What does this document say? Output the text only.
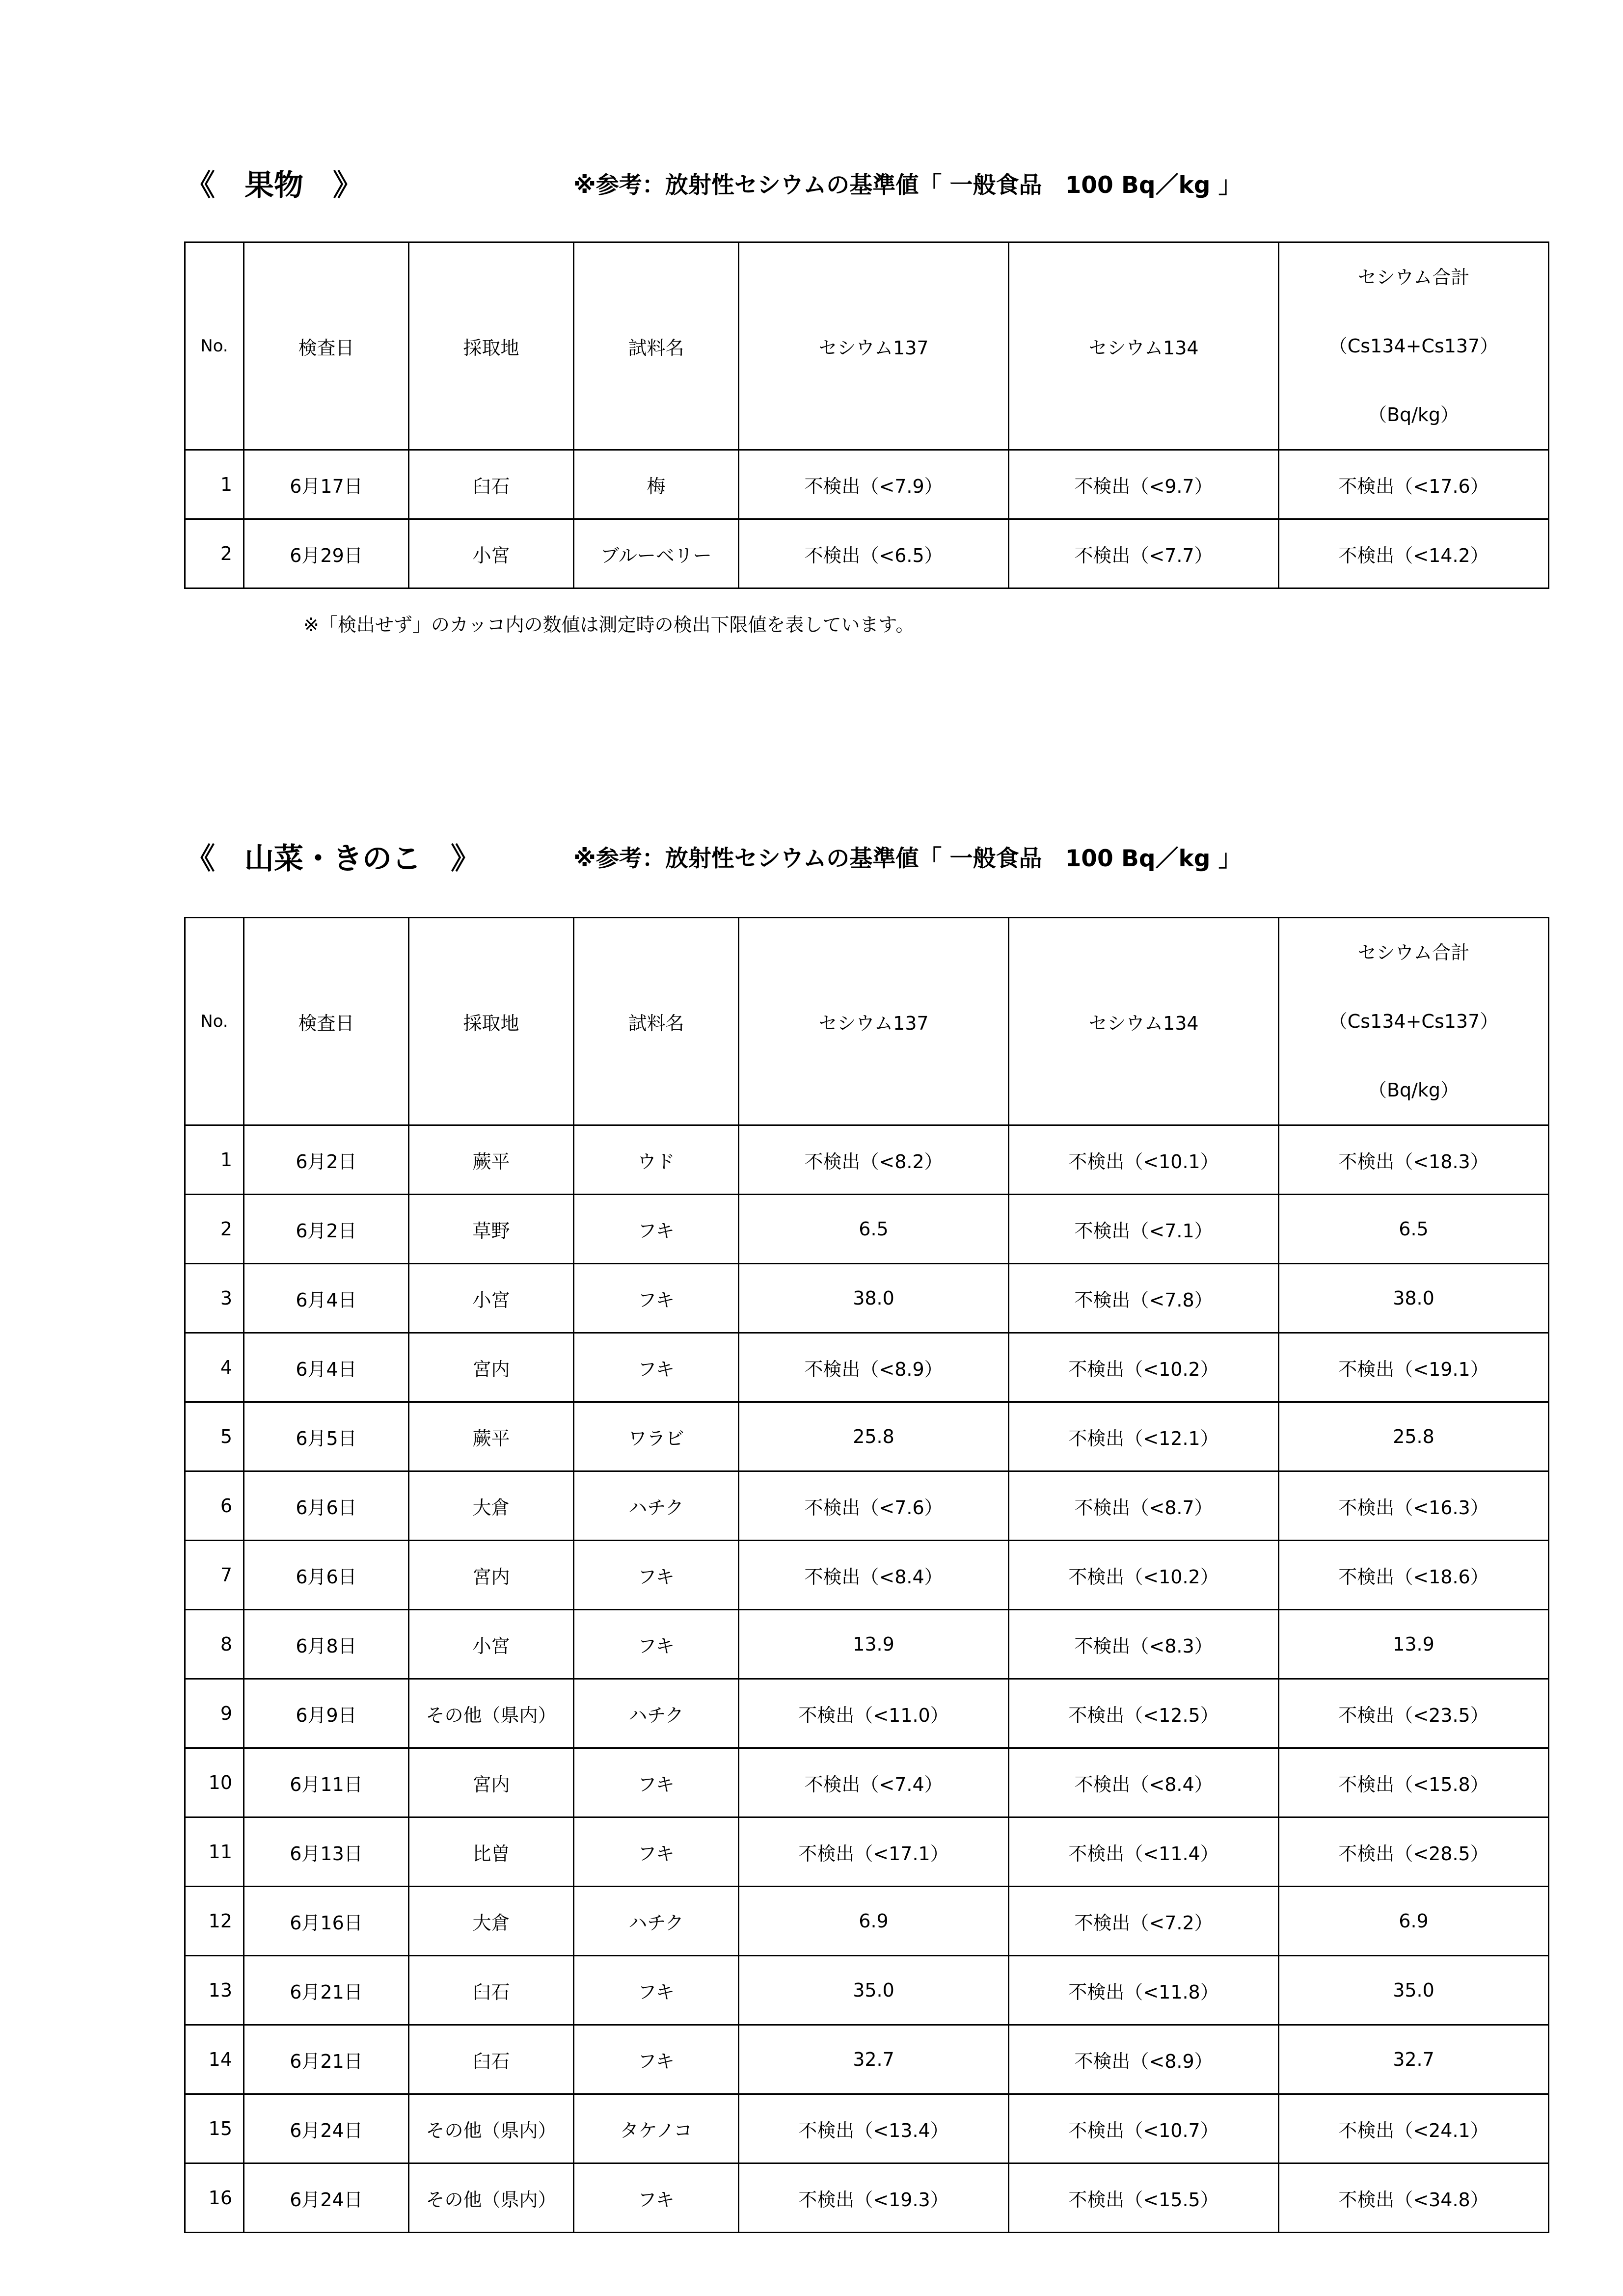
《　果物　》	※参考：放射性セシウムの基準値「 一般食品　100 Bq／kg 」
No.	検査日	採取地	試料名	セシウム137	セシウム134	セシウム合計
（Cs134+Cs137）
（Bq/kg）

1	6月17日	臼石	梅	不検出（<7.9）	不検出（<9.7）	不検出（<17.6）
2	6月29日	小宮	ブルーベリー	不検出（<6.5）	不検出（<7.7）	不検出（<14.2）
※「検出せず」のカッコ内の数値は測定時の検出下限値を表しています。
《　山菜・きのこ　》	※参考：放射性セシウムの基準値「 一般食品　100 Bq／kg 」
No.	検査日	採取地	試料名	セシウム137	セシウム134	セシウム合計
（Cs134+Cs137）
（Bq/kg）

1	6月2日	蕨平	ウド	不検出（<8.2）	不検出（<10.1）	不検出（<18.3）
2	6月2日	草野	フキ	6.5	不検出（<7.1）	6.5
3	6月4日	小宮	フキ	38.0	不検出（<7.8）	38.0
4	6月4日	宮内	フキ	不検出（<8.9）	不検出（<10.2）	不検出（<19.1）
5	6月5日	蕨平	ワラビ	25.8	不検出（<12.1）	25.8
6	6月6日	大倉	ハチク	不検出（<7.6）	不検出（<8.7）	不検出（<16.3）
7	6月6日	宮内	フキ	不検出（<8.4）	不検出（<10.2）	不検出（<18.6）
8	6月8日	小宮	フキ	13.9	不検出（<8.3）	13.9
9	6月9日	その他（県内）	ハチク	不検出（<11.0）	不検出（<12.5）	不検出（<23.5）
10	6月11日	宮内	フキ	不検出（<7.4）	不検出（<8.4）	不検出（<15.8）
11	6月13日	比曽	フキ	不検出（<17.1）	不検出（<11.4）	不検出（<28.5）
12	6月16日	大倉	ハチク	6.9	不検出（<7.2）	6.9
13	6月21日	臼石	フキ	35.0	不検出（<11.8）	35.0
14	6月21日	臼石	フキ	32.7	不検出（<8.9）	32.7
15	6月24日	その他（県内）	タケノコ	不検出（<13.4）	不検出（<10.7）	不検出（<24.1）
16	6月24日	その他（県内）	フキ	不検出（<19.3）	不検出（<15.5）	不検出（<34.8）
